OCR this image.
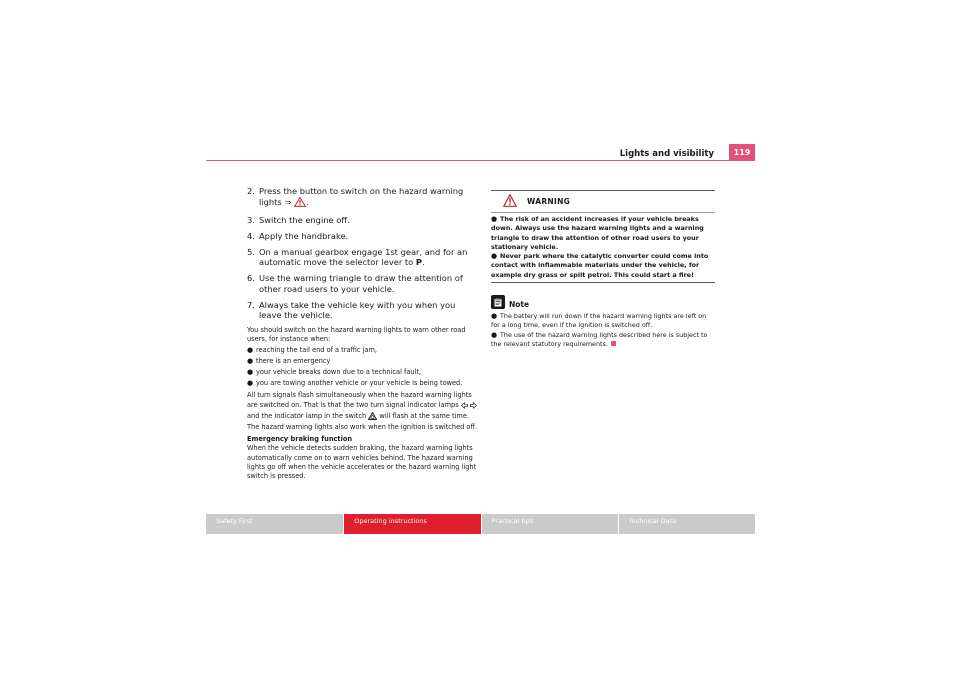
Lights and visibility	119
2. Press the button to switch on the hazard warning lights ⇒ .
3. Switch the engine off.
4. Apply the handbrake.
5. On a manual gearbox engage 1st gear, and for an automatic move the selector lever to P.
6. Use the warning triangle to draw the attention of other road users to your vehicle.
7. Always take the vehicle key with you when you leave the vehicle.

You should switch on the hazard warning lights to warn other road users, for instance when:

● reaching the tail end of a traffic jam,
● there is an emergency
● your vehicle breaks down due to a technical fault,
● you are towing another vehicle or your vehicle is being towed.

All turn signals flash simultaneously when the hazard warning lights are switched on. That is that the two turn signal indicator lamps  and the indicator lamp in the switch will flash at the same time. The hazard warning lights also work when the ignition is switched off.

Emergency braking function

When the vehicle detects sudden braking, the hazard warning lights automatically come on to warn vehicles behind. The hazard warning lights go off when the vehicle accelerates or the hazard warning light switch is pressed.

WARNING
● The risk of an accident increases if your vehicle breaks down. Always use the hazard warning lights and a warning triangle to draw the attention of other road users to your stationary vehicle.
● Never park where the catalytic converter could come into contact with inflammable materials under the vehicle, for example dry grass or spilt petrol. This could start a fire!
Note
● The battery will run down if the hazard warning lights are left on for a long time, even if the ignition is switched off.
● The use of the hazard warning lights described here is subject to the relevant statutory requirements.
Safety First	Operating instructions	Practical tips	Technical Data
